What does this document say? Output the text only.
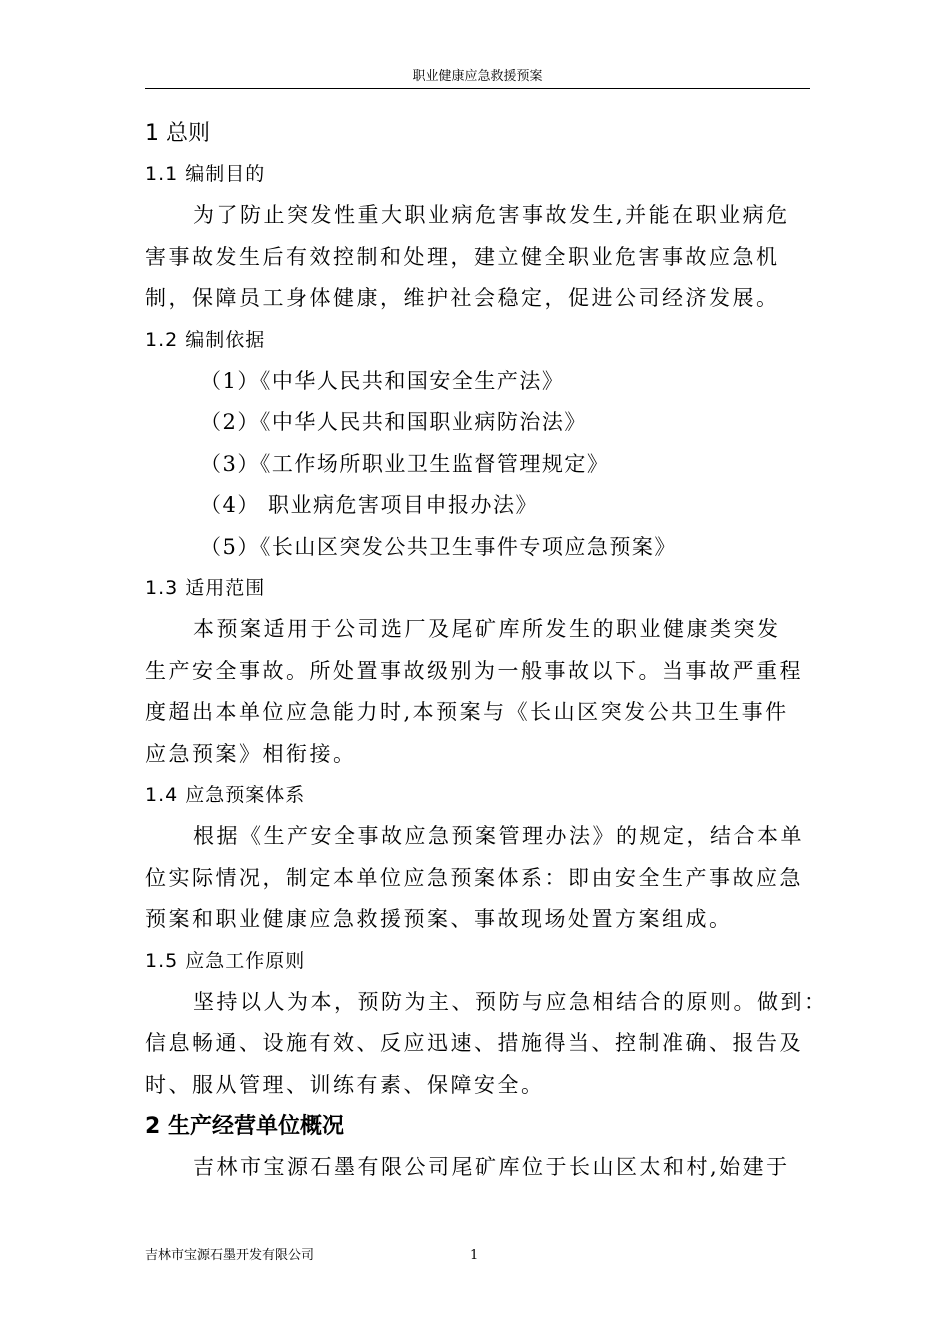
职业健康应急救援预案
1 总则
1.1 编制目的
为了防止突发性重大职业病危害事故发生,并能在职业病危
害事故发生后有效控制和处理，建立健全职业危害事故应急机
制，保障员工身体健康，维护社会稳定，促进公司经济发展。
1.2 编制依据
（1）《中华人民共和国安全生产法》
（2）《中华人民共和国职业病防治法》
（3）《工作场所职业卫生监督管理规定》
（4） 职业病危害项目申报办法》
（5）《长山区突发公共卫生事件专项应急预案》
1.3 适用范围
本预案适用于公司选厂及尾矿库所发生的职业健康类突发
生产安全事故。所处置事故级别为一般事故以下。当事故严重程
度超出本单位应急能力时,本预案与《长山区突发公共卫生事件
应急预案》相衔接。
1.4 应急预案体系
根据《生产安全事故应急预案管理办法》的规定，结合本单
位实际情况，制定本单位应急预案体系：即由安全生产事故应急
预案和职业健康应急救援预案、事故现场处置方案组成。
1.5 应急工作原则
坚持以人为本，预防为主、预防与应急相结合的原则。做到：
信息畅通、设施有效、反应迅速、措施得当、控制准确、报告及
时、服从管理、训练有素、保障安全。
2 生产经营单位概况
吉林市宝源石墨有限公司尾矿库位于长山区太和村,始建于
吉林市宝源石墨开发有限公司	1
